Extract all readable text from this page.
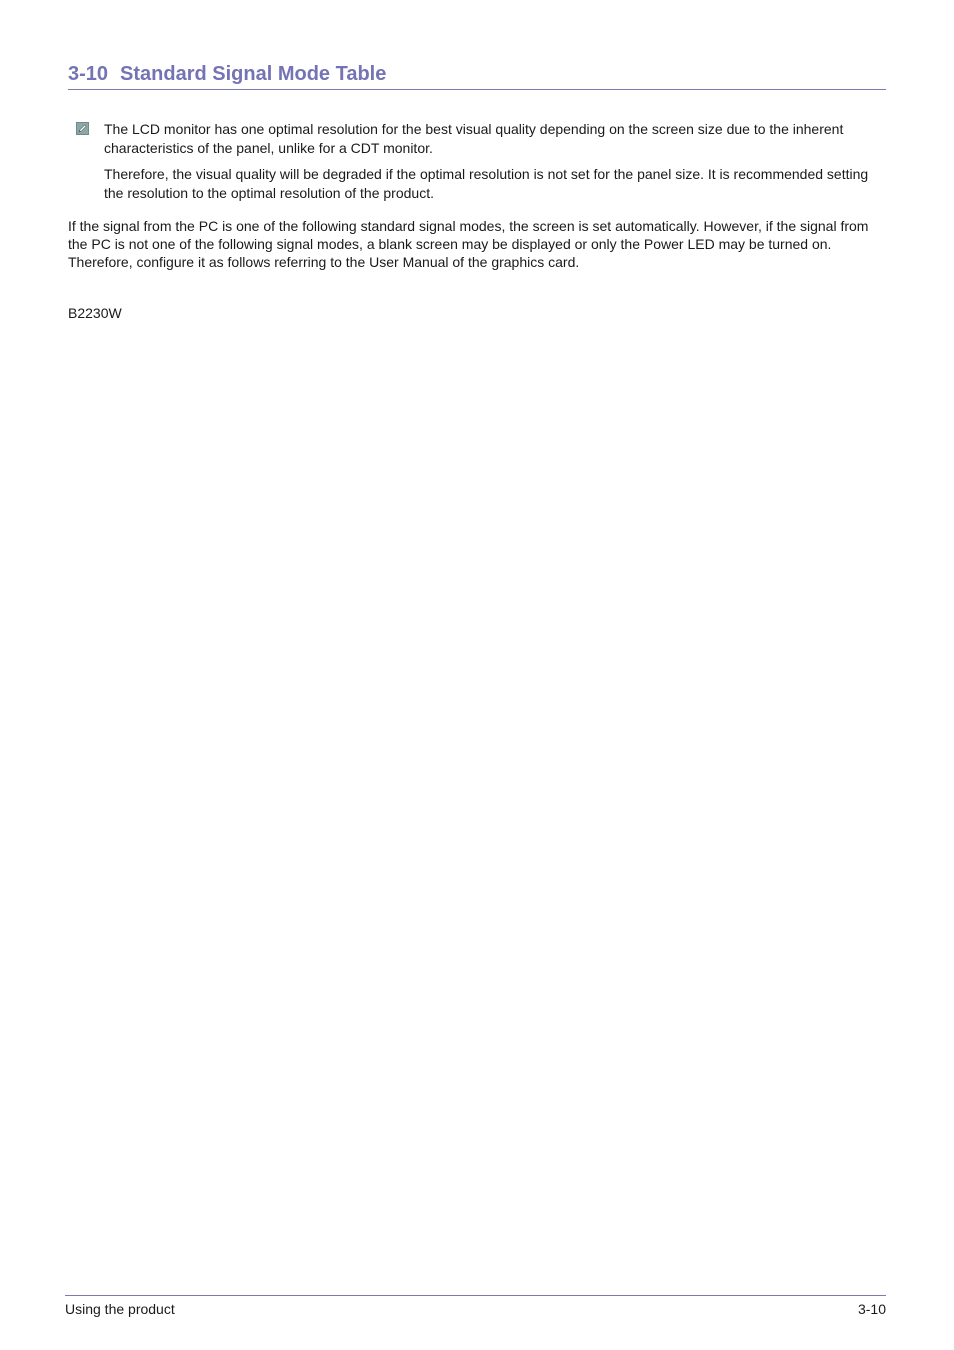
3-10 Standard Signal Mode Table

The LCD monitor has one optimal resolution for the best visual quality depending on the screen size due to the inherent characteristics of the panel, unlike for a CDT monitor.

Therefore, the visual quality will be degraded if the optimal resolution is not set for the panel size. It is recommended setting the resolution to the optimal resolution of the product.

If the signal from the PC is one of the following standard signal modes, the screen is set automatically. However, if the signal from the PC is not one of the following signal modes, a blank screen may be displayed or only the Power LED may be turned on. Therefore, configure it as follows referring to the User Manual of the graphics card.

B2230W

Using the product	3-10
